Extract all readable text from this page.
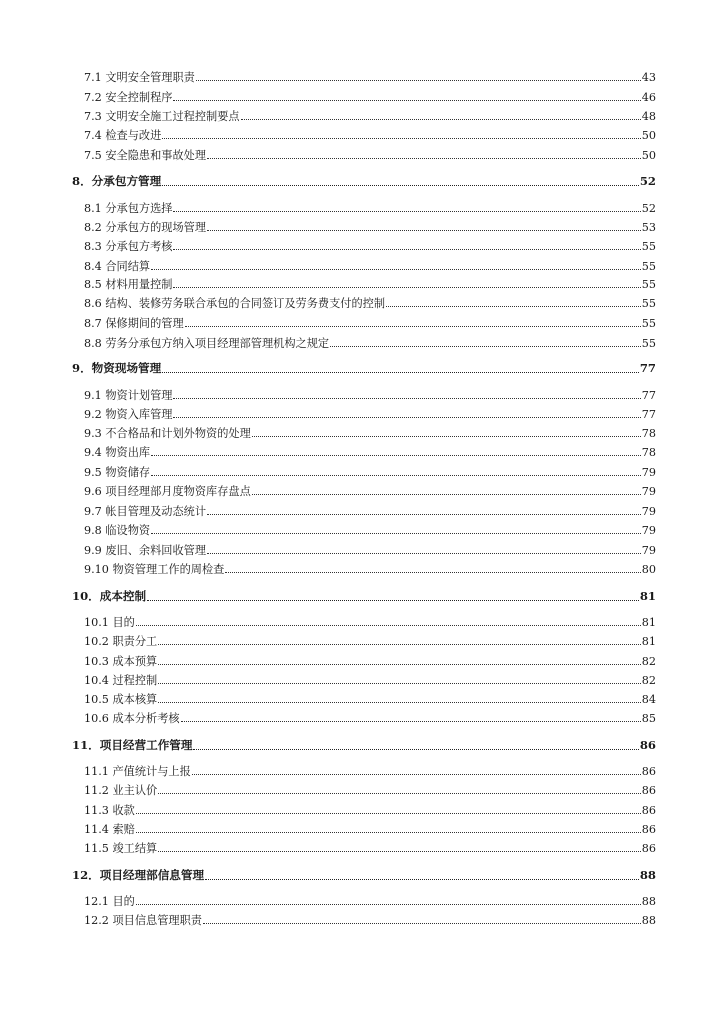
7.1 文明安全管理职责	43
7.2 安全控制程序	46
7.3 文明安全施工过程控制要点	48
7.4 检查与改进	50
7.5 安全隐患和事故处理	50
8．分承包方管理	52
8.1 分承包方选择	52
8.2 分承包方的现场管理	53
8.3 分承包方考核	55
8.4 合同结算	55
8.5 材料用量控制	55
8.6 结构、装修劳务联合承包的合同签订及劳务费支付的控制	55
8.7 保修期间的管理	55
8.8 劳务分承包方纳入项目经理部管理机构之规定	55
9．物资现场管理	77
9.1 物资计划管理	77
9.2 物资入库管理	77
9.3 不合格品和计划外物资的处理	78
9.4 物资出库	78
9.5 物资储存	79
9.6 项目经理部月度物资库存盘点	79
9.7 帐目管理及动态统计	79
9.8 临设物资	79
9.9 废旧、余料回收管理	79
9.10 物资管理工作的周检查	80
10．成本控制	81
10.1 目的	81
10.2 职责分工	81
10.3 成本预算	82
10.4 过程控制	82
10.5 成本核算	84
10.6 成本分析考核	85
11．项目经营工作管理	86
11.1 产值统计与上报	86
11.2 业主认价	86
11.3 收款	86
11.4 索赔	86
11.5 竣工结算	86
12．项目经理部信息管理	88
12.1 目的	88
12.2 项目信息管理职责	88
